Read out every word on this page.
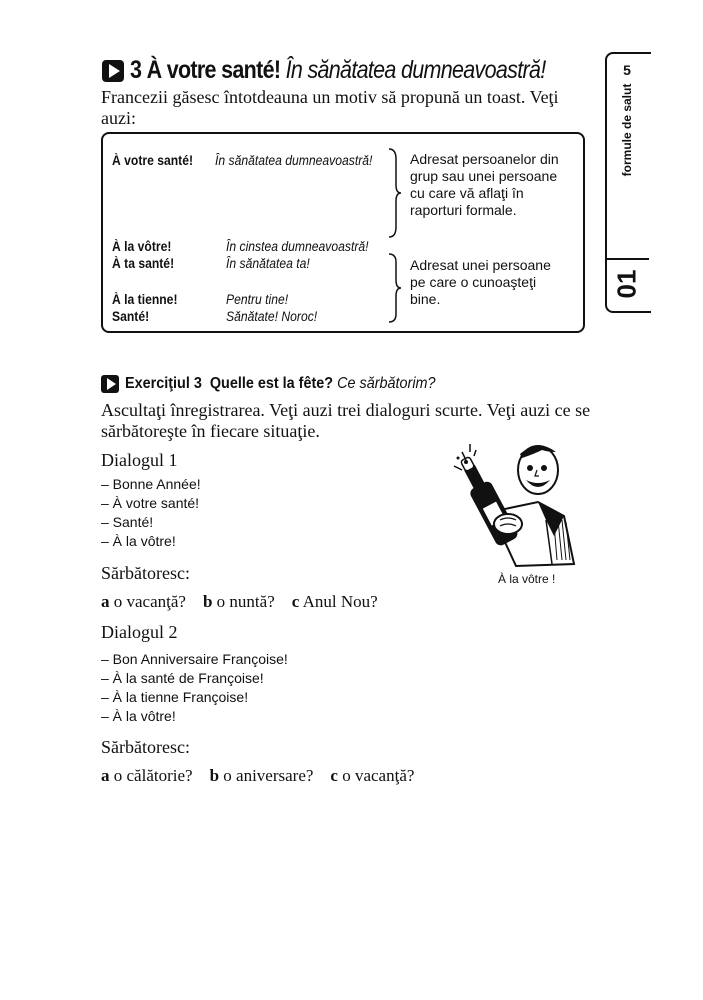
3 À votre santé! În sănătatea dumneavoastră!
Francezii găsesc întotdeauna un motiv să propună un toast. Veţi auzi:
À votre santé! În sănătatea dumneavoastră!
À la vôtre!	În cinstea dumneavoastră!
À ta santé!	În sănătatea ta!
À la tienne!	Pentru tine!
Santé!	Sănătate! Noroc!
Adresat persoanelor din grup sau unei persoane cu care vă aflaţi în raporturi formale.
Adresat unei persoane pe care o cunoaşteţi bine.
5
formule de salut
01
Exerciţiul 3 Quelle est la fête? Ce sărbătorim?
Ascultaţi înregistrarea. Veţi auzi trei dialoguri scurte. Veţi auzi ce se sărbătoreşte în fiecare situaţie.
Dialogul 1
– Bonne Année!
– À votre santé!
– Santé!
– À la vôtre!
Sărbătoresc:
a o vacanţă? b o nuntă? c Anul Nou?
À la vôtre !
Dialogul 2
– Bon Anniversaire Françoise!
– À la santé de Françoise!
– À la tienne Françoise!
– À la vôtre!
Sărbătoresc:
a o călătorie? b o aniversare? c o vacanţă?
